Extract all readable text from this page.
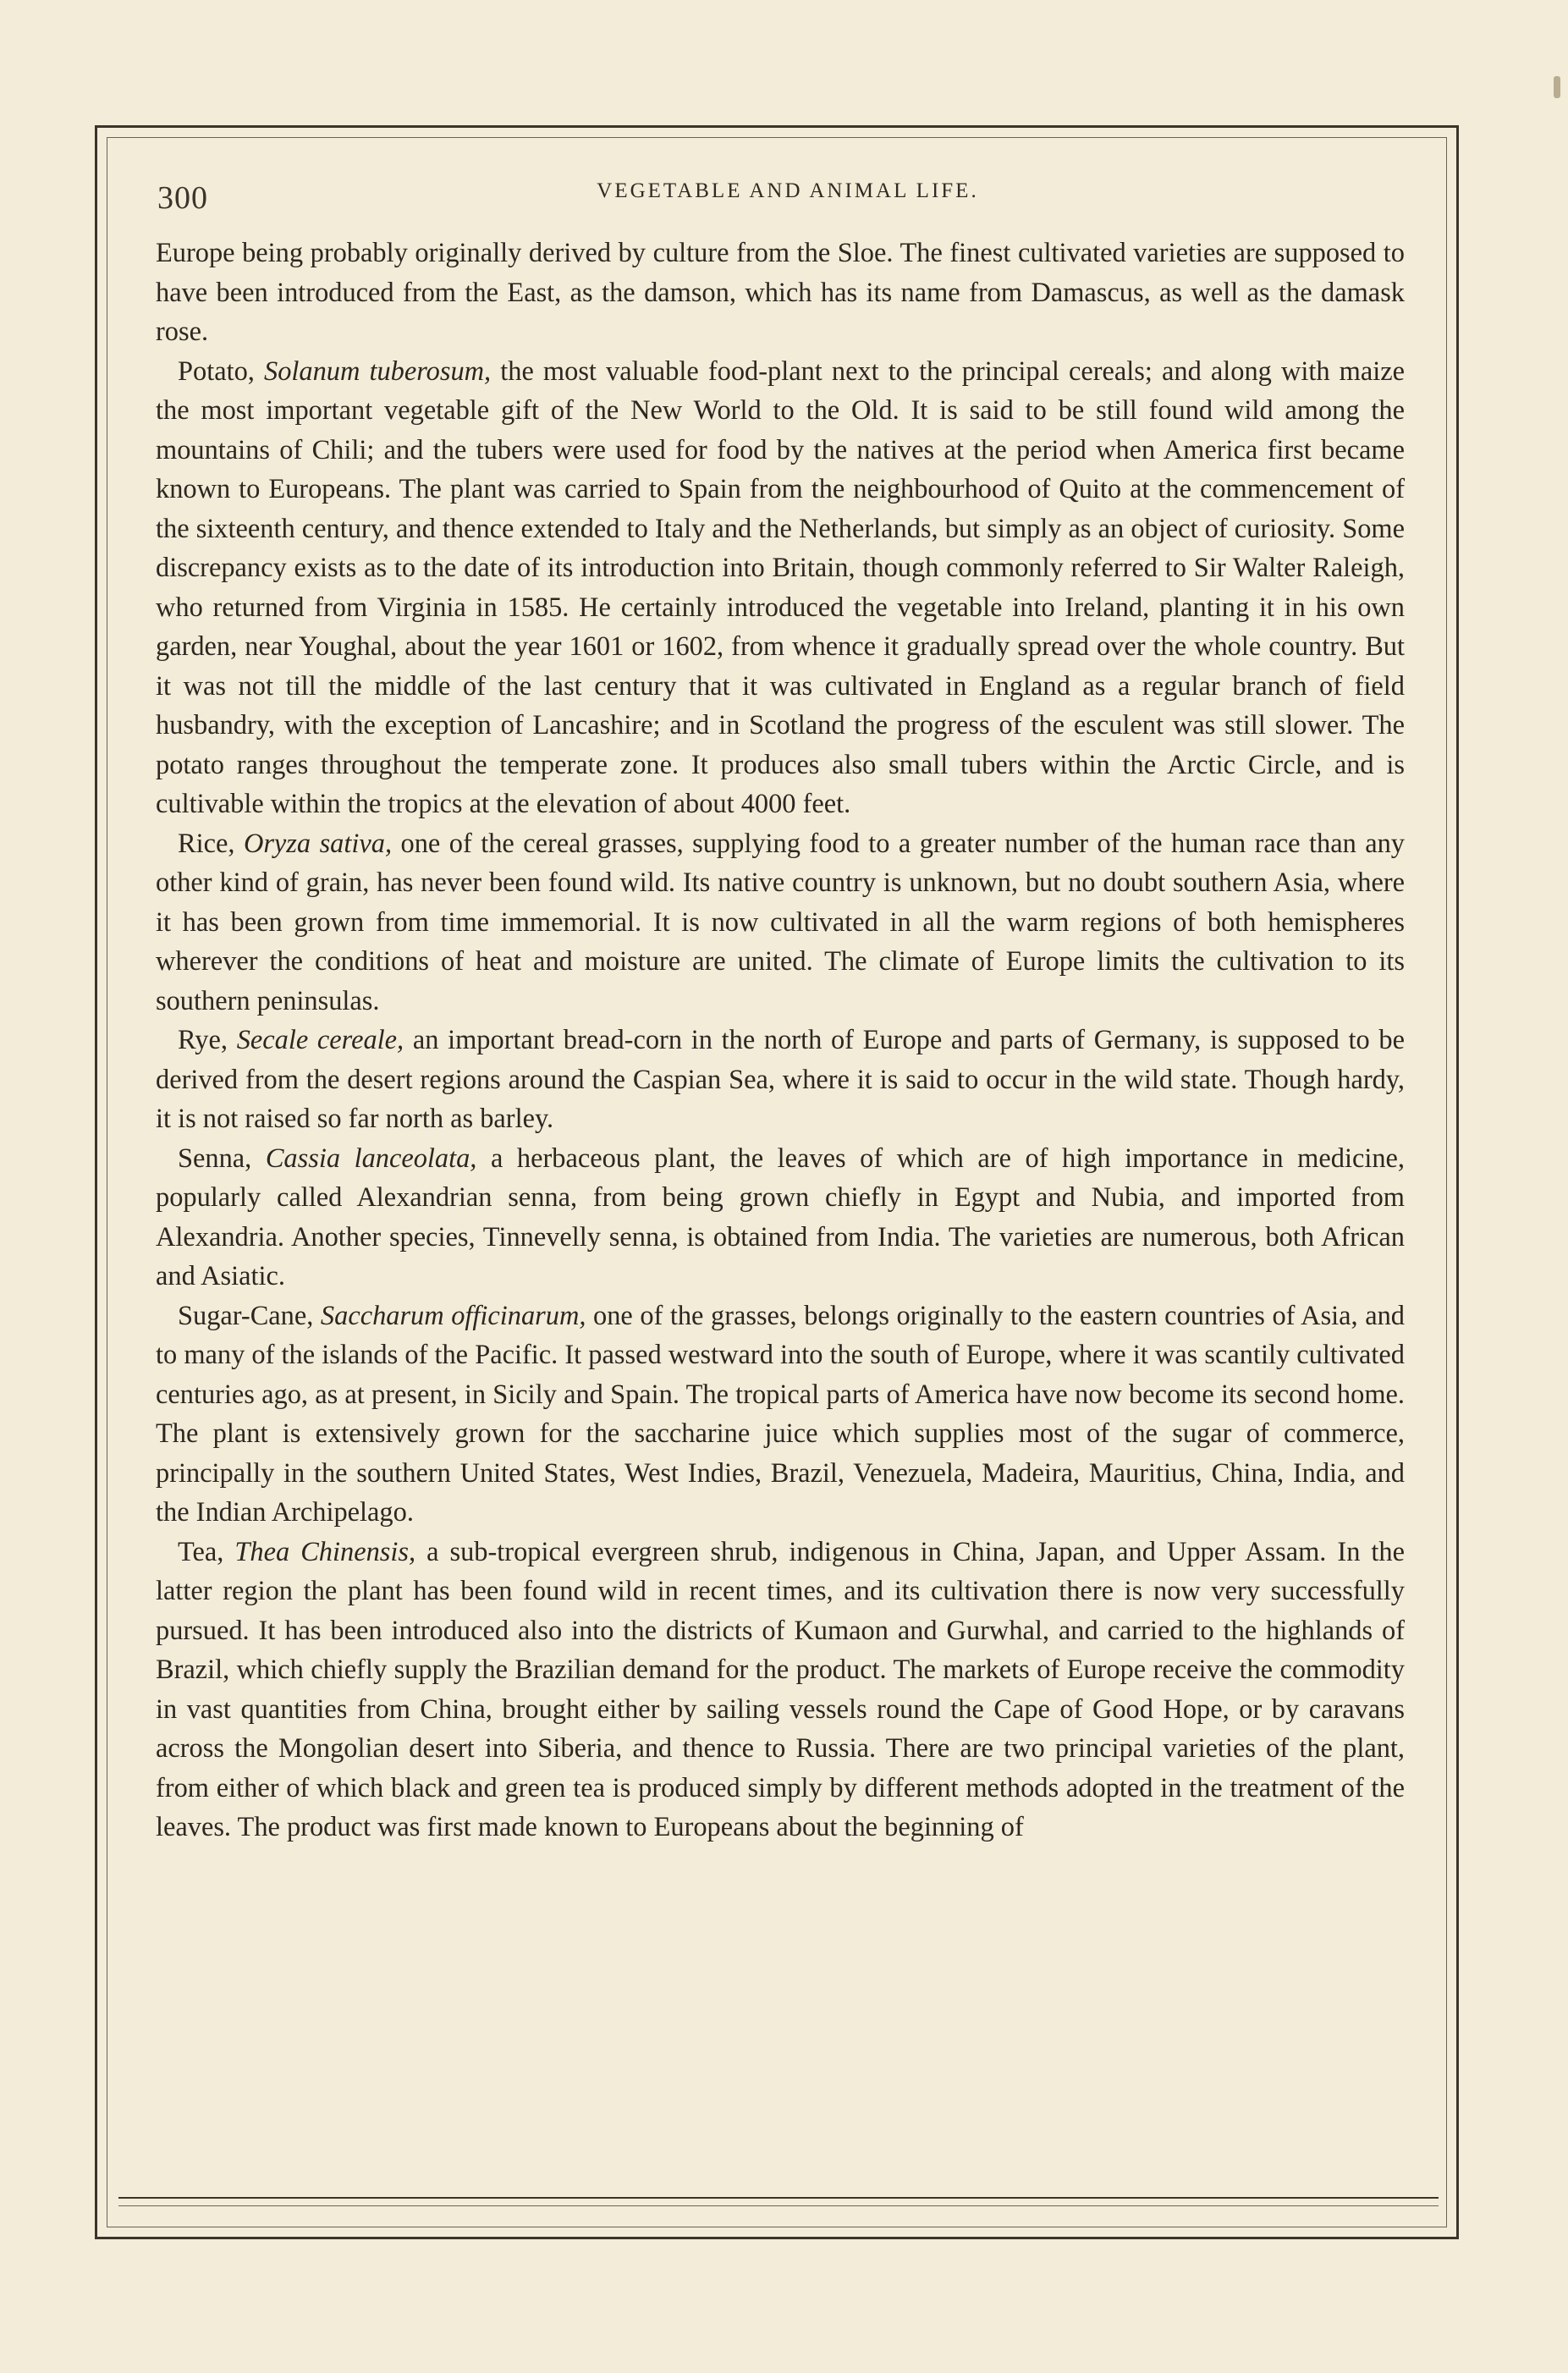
300	VEGETABLE AND ANIMAL LIFE.

Europe being probably originally derived by culture from the Sloe. The finest cultivated varieties are supposed to have been introduced from the East, as the damson, which has its name from Damascus, as well as the damask rose.

Potato, Solanum tuberosum, the most valuable food-plant next to the principal cereals; and along with maize the most important vegetable gift of the New World to the Old. It is said to be still found wild among the mountains of Chili; and the tubers were used for food by the natives at the period when America first became known to Europeans. The plant was carried to Spain from the neighbourhood of Quito at the commencement of the sixteenth century, and thence extended to Italy and the Netherlands, but simply as an object of curiosity. Some discrepancy exists as to the date of its introduction into Britain, though commonly referred to Sir Walter Raleigh, who returned from Virginia in 1585. He certainly introduced the vegetable into Ireland, planting it in his own garden, near Youghal, about the year 1601 or 1602, from whence it gradually spread over the whole country. But it was not till the middle of the last century that it was cultivated in England as a regular branch of field husbandry, with the exception of Lancashire; and in Scotland the progress of the esculent was still slower. The potato ranges throughout the temperate zone. It produces also small tubers within the Arctic Circle, and is cultivable within the tropics at the elevation of about 4000 feet.

Rice, Oryza sativa, one of the cereal grasses, supplying food to a greater number of the human race than any other kind of grain, has never been found wild. Its native country is unknown, but no doubt southern Asia, where it has been grown from time immemorial. It is now cultivated in all the warm regions of both hemispheres wherever the conditions of heat and moisture are united. The climate of Europe limits the cultivation to its southern peninsulas.

Rye, Secale cereale, an important bread-corn in the north of Europe and parts of Germany, is supposed to be derived from the desert regions around the Caspian Sea, where it is said to occur in the wild state. Though hardy, it is not raised so far north as barley.

Senna, Cassia lanceolata, a herbaceous plant, the leaves of which are of high importance in medicine, popularly called Alexandrian senna, from being grown chiefly in Egypt and Nubia, and imported from Alexandria. Another species, Tinnevelly senna, is obtained from India. The varieties are numerous, both African and Asiatic.

Sugar-Cane, Saccharum officinarum, one of the grasses, belongs originally to the eastern countries of Asia, and to many of the islands of the Pacific. It passed westward into the south of Europe, where it was scantily cultivated centuries ago, as at present, in Sicily and Spain. The tropical parts of America have now become its second home. The plant is extensively grown for the saccharine juice which supplies most of the sugar of commerce, principally in the southern United States, West Indies, Brazil, Venezuela, Madeira, Mauritius, China, India, and the Indian Archipelago.

Tea, Thea Chinensis, a sub-tropical evergreen shrub, indigenous in China, Japan, and Upper Assam. In the latter region the plant has been found wild in recent times, and its cultivation there is now very successfully pursued. It has been introduced also into the districts of Kumaon and Gurwhal, and carried to the highlands of Brazil, which chiefly supply the Brazilian demand for the product. The markets of Europe receive the commodity in vast quantities from China, brought either by sailing vessels round the Cape of Good Hope, or by caravans across the Mongolian desert into Siberia, and thence to Russia. There are two principal varieties of the plant, from either of which black and green tea is produced simply by different methods adopted in the treatment of the leaves. The product was first made known to Europeans about the beginning of
